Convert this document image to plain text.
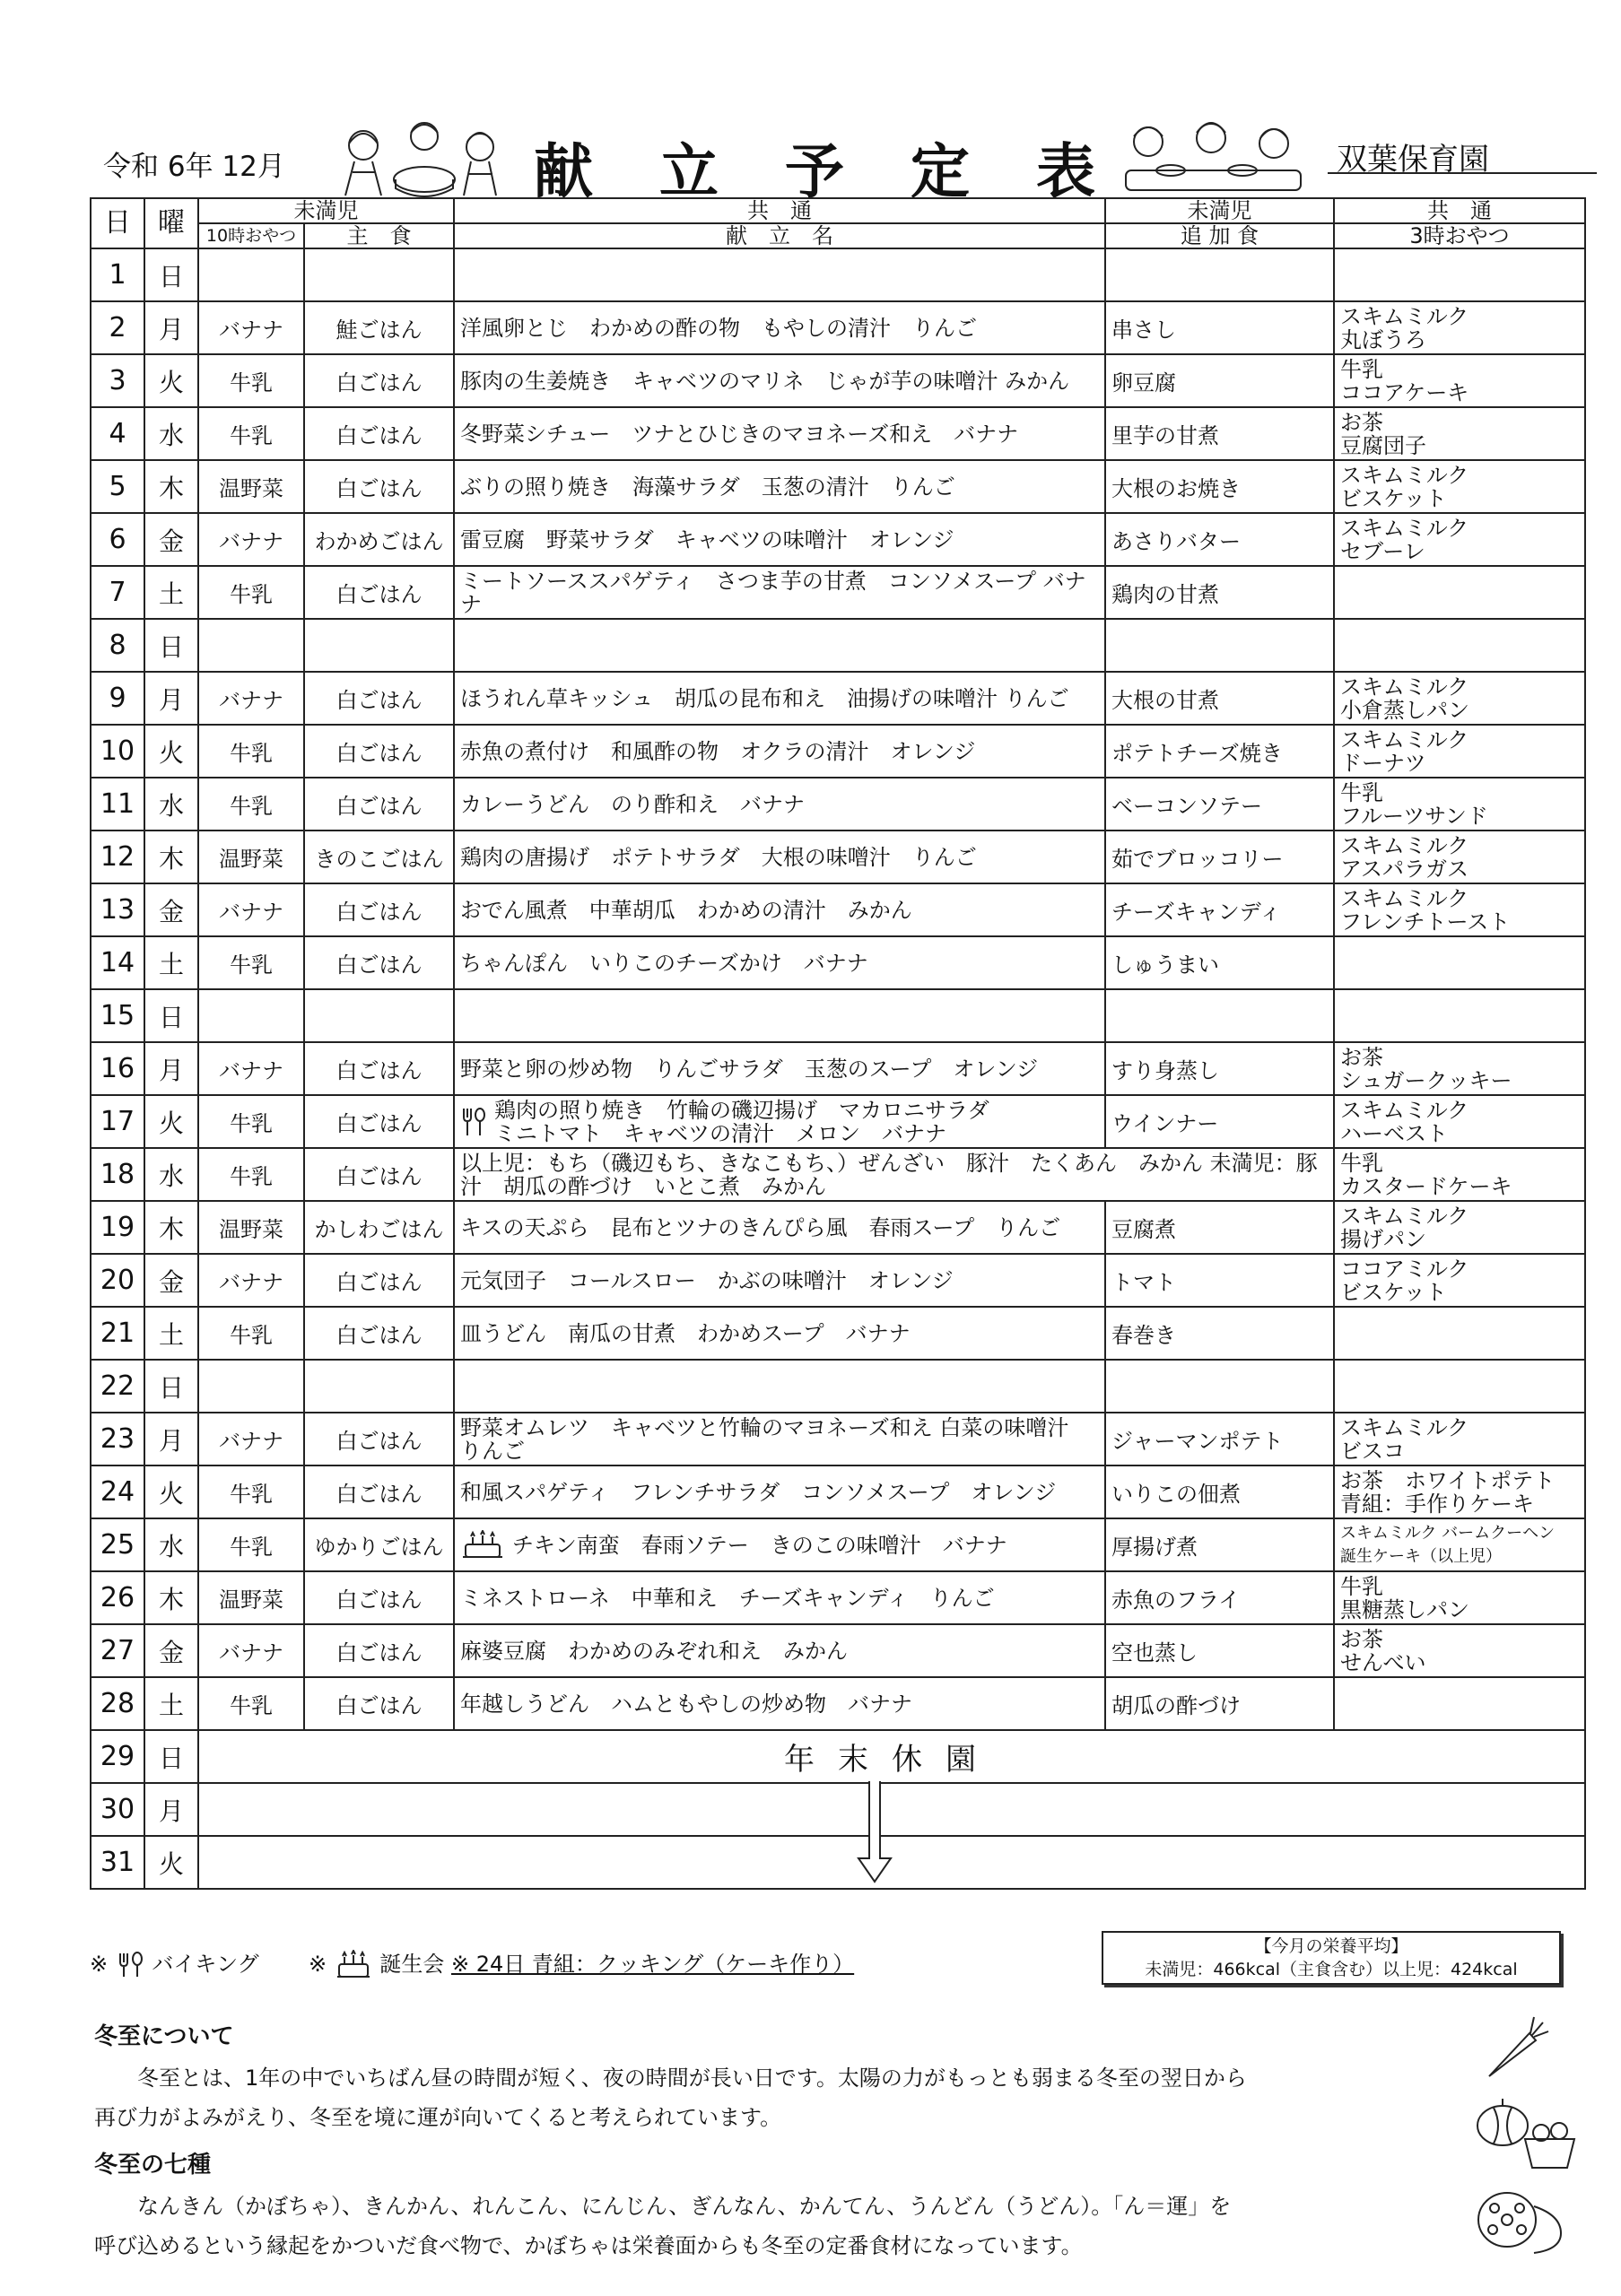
令和 6年 12月	献 立 予 定 表	双葉保育園
日	曜	未満児		共　通	未満児	共　通
		10時おやつ	主　食	献　立　名	追 加 食	3時おやつ
1	日					
2	月	バナナ	鮭ごはん	洋風卵とじ　わかめの酢の物　もやしの清汁　りんご	串さし	スキムミルク
丸ぼうろ
3	火	牛乳	白ごはん	豚肉の生姜焼き　キャベツのマリネ　じゃが芋の味噌汁 みかん	卵豆腐	牛乳
ココアケーキ
4	水	牛乳	白ごはん	冬野菜シチュー　ツナとひじきのマヨネーズ和え　バナナ	里芋の甘煮	お茶
豆腐団子
5	木	温野菜	白ごはん	ぶりの照り焼き　海藻サラダ　玉葱の清汁　りんご	大根のお焼き	スキムミルク
ビスケット
6	金	バナナ	わかめごはん	雷豆腐　野菜サラダ　キャベツの味噌汁　オレンジ	あさりバター	スキムミルク
セブーレ
7	土	牛乳	白ごはん	ミートソーススパゲティ　さつま芋の甘煮　コンソメスープ バナナ	鶏肉の甘煮	
8	日					
9	月	バナナ	白ごはん	ほうれん草キッシュ　胡瓜の昆布和え　油揚げの味噌汁 りんご	大根の甘煮	スキムミルク
小倉蒸しパン
10	火	牛乳	白ごはん	赤魚の煮付け　和風酢の物　オクラの清汁　オレンジ	ポテトチーズ焼き	スキムミルク
ドーナツ
11	水	牛乳	白ごはん	カレーうどん　のり酢和え　バナナ	ベーコンソテー	牛乳
フルーツサンド
12	木	温野菜	きのこごはん	鶏肉の唐揚げ　ポテトサラダ　大根の味噌汁　りんご	茹でブロッコリー	スキムミルク
アスパラガス
13	金	バナナ	白ごはん	おでん風煮　中華胡瓜　わかめの清汁　みかん	チーズキャンディ	スキムミルク
フレンチトースト
14	土	牛乳	白ごはん	ちゃんぽん　いりこのチーズかけ　バナナ	しゅうまい	
15	日					
16	月	バナナ	白ごはん	野菜と卵の炒め物　りんごサラダ　玉葱のスープ　オレンジ	すり身蒸し	お茶
シュガークッキー
17	火	牛乳	白ごはん	鶏肉の照り焼き　竹輪の磯辺揚げ　マカロニサラダ
ミニトマト　キャベツの清汁　メロン　バナナ	ウインナー	スキムミルク
ハーベスト
18	水	牛乳	白ごはん	以上児：もち（磯辺もち、きなこもち、）ぜんざい　豚汁　たくあん　みかん 未満児：豚汁　胡瓜の酢づけ　いとこ煮　みかん		牛乳
カスタードケーキ
19	木	温野菜	かしわごはん	キスの天ぷら　昆布とツナのきんぴら風　春雨スープ　りんご	豆腐煮	スキムミルク
揚げパン
20	金	バナナ	白ごはん	元気団子　コールスロー　かぶの味噌汁　オレンジ	トマト	ココアミルク
ビスケット
21	土	牛乳	白ごはん	皿うどん　南瓜の甘煮　わかめスープ　バナナ	春巻き	
22	日					
23	月	バナナ	白ごはん	野菜オムレツ　キャベツと竹輪のマヨネーズ和え 白菜の味噌汁　りんご	ジャーマンポテト	スキムミルク
ビスコ
24	火	牛乳	白ごはん	和風スパゲティ　フレンチサラダ　コンソメスープ　オレンジ	いりこの佃煮	お茶　ホワイトポテト
青組：手作りケーキ
25	水	牛乳	ゆかりごはん	チキン南蛮　春雨ソテー　きのこの味噌汁　バナナ	厚揚げ煮	スキムミルク バームクーヘン
誕生ケーキ（以上児）
26	木	温野菜	白ごはん	ミネストローネ　中華和え　チーズキャンディ　りんご	赤魚のフライ	牛乳
黒糖蒸しパン
27	金	バナナ	白ごはん	麻婆豆腐　わかめのみぞれ和え　みかん	空也蒸し	お茶
せんべい
28	土	牛乳	白ごはん	年越しうどん　ハムともやしの炒め物　バナナ	胡瓜の酢づけ	
29	日	年末休園				
30	月					
31	火					
※ バイキング ※ 誕生会 ※ 24日 青組：クッキング（ケーキ作り）
【今月の栄養平均】
未満児：466kcal（主食含む）以上児：424kcal
冬至について

冬至とは、1年の中でいちばん昼の時間が短く、夜の時間が長い日です。太陽の力がもっとも弱まる冬至の翌日から

再び力がよみがえり、冬至を境に運が向いてくると考えられています。

冬至の七種

なんきん（かぼちゃ）、きんかん、れんこん、にんじん、ぎんなん、かんてん、うんどん（うどん）。「ん＝運」を

呼び込めるという縁起をかついだ食べ物で、かぼちゃは栄養面からも冬至の定番食材になっています。
